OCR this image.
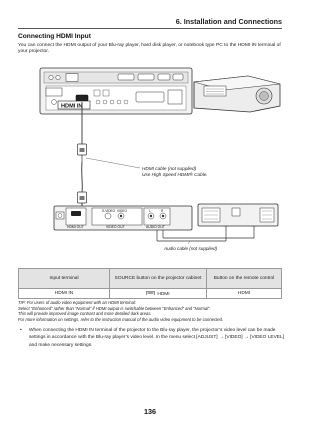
6. Installation and Connections
Connecting HDMI Input
You can connect the HDMI output of your Blu-ray player, hard disk player, or notebook type PC to the HDMI IN terminal of your projector.
HDMI IN
HDMI cable (not supplied)
Use High Speed HDMI® Cable.
HDMI OUT
S-VIDEO VIDEO
VIDEO OUT
L	R
AUDIO OUT
Audio cable (not supplied)
Input terminal	SOURCE button on the projector cabinet	Button on the remote control
HDMI IN	HDMI	HDMI
TIP: For users of audio video equipment with an HDMI terminal:
Select “Enhanced” rather than “Normal” if HDMI output is switchable between “Enhanced” and “Normal”.
This will provide improved image contrast and more detailed dark areas.
For more information on settings, refer to the instruction manual of the audio video equipment to be connected.
•	When connecting the HDMI IN terminal of the projector to the Blu-ray player, the projector’s video level can be made settings in accordance with the Blu-ray player’s video level. In the menu select [ADJUST] → [VIDEO] → [VIDEO LEVEL] and make necessary settings.
136
